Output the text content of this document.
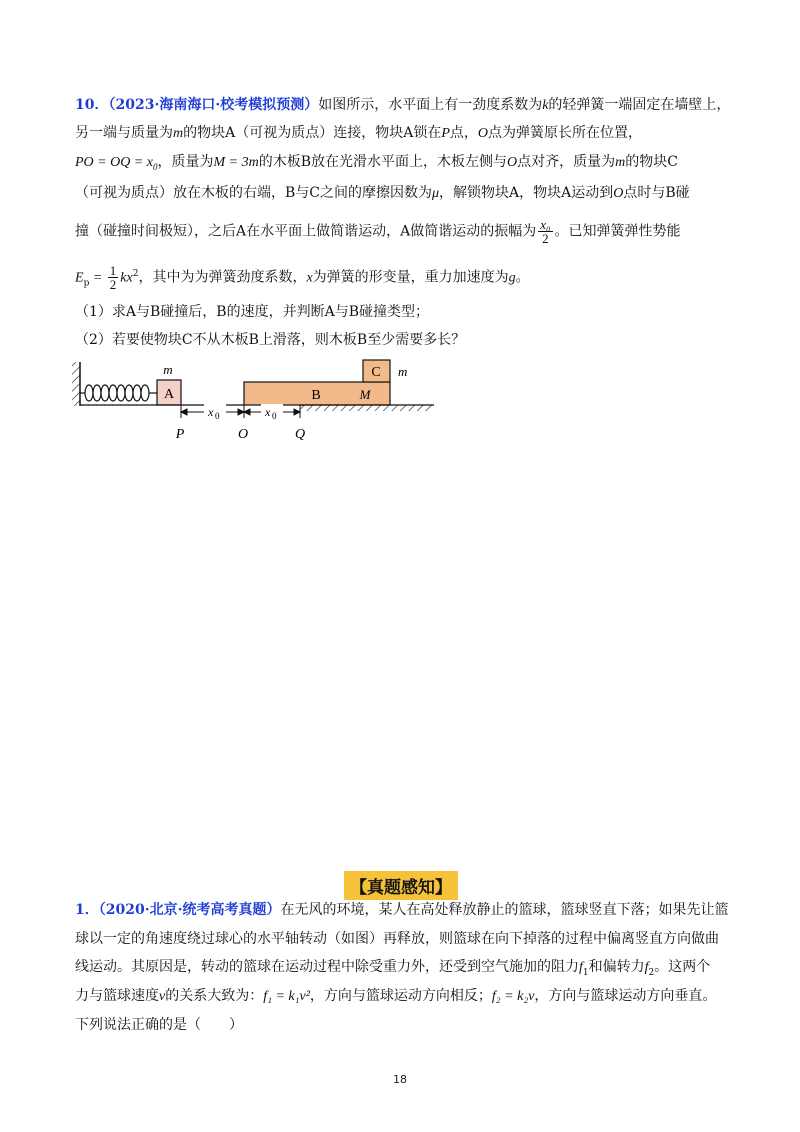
10．（2023·海南海口·校考模拟预测）如图所示，水平面上有一劲度系数为k的轻弹簧一端固定在墙壁上，
另一端与质量为m的物块A（可视为质点）连接，物块A锁在P点，O点为弹簧原长所在位置，
PO = OQ = $x_0$，质量为M = 3m的木板B放在光滑水平面上，木板左侧与O点对齐，质量为m的物块C
（可视为质点）放在木板的右端，B与C之间的摩擦因数为μ，解锁物块A，物块A运动到O点时与B碰
撞（碰撞时间极短），之后A在水平面上做简谐运动，A做简谐运动的振幅为 $\frac{\text{x₀}}{2}$ 。已知弹簧弹性势能
$E_p = \frac{1}{2} kx^2$，其中为为弹簧劲度系数，x为弹簧的形变量，重力加速度为g。
（1）求A与B碰撞后，B的速度，并判断A与B碰撞类型；
（2）若要使物块C不从木板B上滑落，则木板B至少需要多长？
A
m
B	M
C m
x 0	x 0
P	O	Q
【真题感知】
1．（2020·北京·统考高考真题）在无风的环境，某人在高处释放静止的篮球，篮球竖直下落；如果先让篮
球以一定的角速度绕过球心的水平轴转动（如图）再释放，则篮球在向下掉落的过程中偏离竖直方向做曲
线运动。其原因是，转动的篮球在运动过程中除受重力外，还受到空气施加的阻力$f_1$和偏转力$f_2$。这两个
力与篮球速度v的关系大致为：f₁ = k₁v²，方向与篮球运动方向相反；f₂ = k₂v，方向与篮球运动方向垂直。
下列说法正确的是（　　）
18
